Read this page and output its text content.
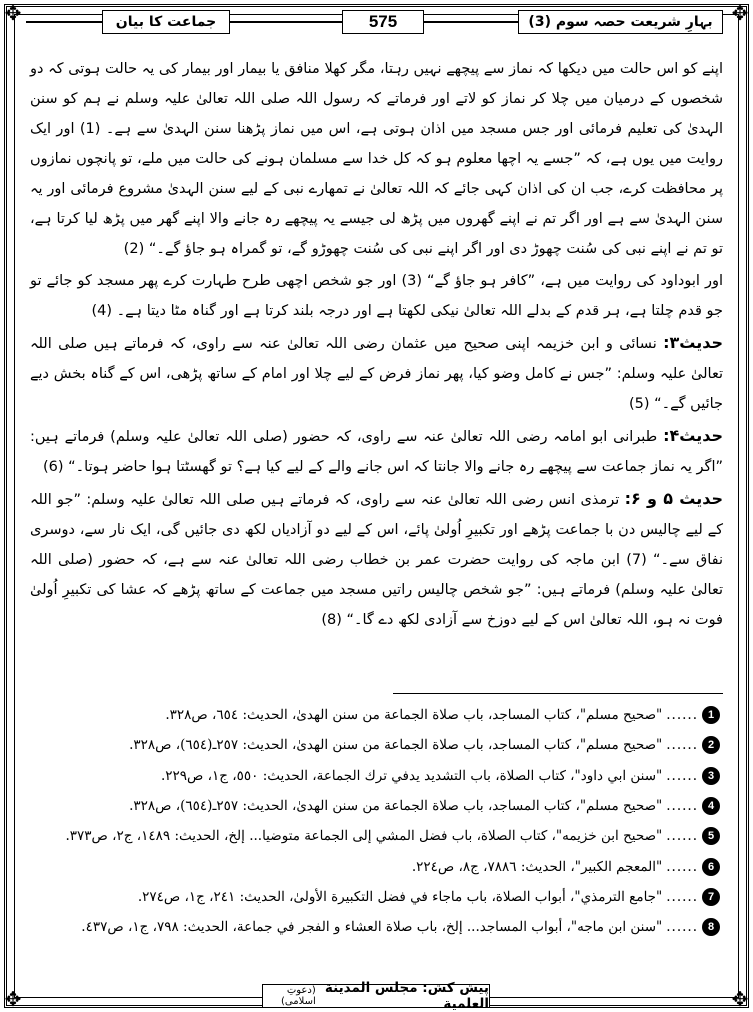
✥	✥
✥	✥
جماعت کا بیان	575	بہارِ شریعت حصہ سوم (3)

اپنے کو اس حالت میں دیکھا کہ نماز سے پیچھے نہیں رہتا، مگر کھلا منافق یا بیمار اور بیمار کی یہ حالت ہوتی کہ دو شخصوں کے درمیان میں چلا کر نماز کو لاتے اور فرماتے کہ رسول اللہ صلی اللہ تعالیٰ علیہ وسلم نے ہم کو سنن الہدیٰ کی تعلیم فرمائی اور جس مسجد میں اذان ہوتی ہے، اس میں نماز پڑھنا سنن الہدیٰ سے ہے۔ (1) اور ایک روایت میں یوں ہے، کہ ”جسے یہ اچھا معلوم ہو کہ کل خدا سے مسلمان ہونے کی حالت میں ملے، تو پانچوں نمازوں پر محافظت کرے، جب ان کی اذان کہی جائے کہ اللہ تعالیٰ نے تمھارے نبی کے لیے سنن الہدیٰ مشروع فرمائی اور یہ سنن الہدیٰ سے ہے اور اگر تم نے اپنے گھروں میں پڑھ لی جیسے یہ پیچھے رہ جانے والا اپنے گھر میں پڑھ لیا کرتا ہے، تو تم نے اپنے نبی کی سُنت چھوڑ دی اور اگر اپنے نبی کی سُنت چھوڑو گے، تو گمراہ ہو جاؤ گے۔“ (2)

اور ابوداود کی روایت میں ہے، ”کافر ہو جاؤ گے“ (3) اور جو شخص اچھی طرح طہارت کرے پھر مسجد کو جائے تو جو قدم چلتا ہے، ہر قدم کے بدلے اللہ تعالیٰ نیکی لکھتا ہے اور درجہ بلند کرتا ہے اور گناہ مٹا دیتا ہے۔ (4)

حدیث۳: نسائی و ابن خزیمہ اپنی صحیح میں عثمان رضی اللہ تعالیٰ عنہ سے راوی، کہ فرماتے ہیں صلی اللہ تعالیٰ علیہ وسلم: ”جس نے کامل وضو کیا، پھر نماز فرض کے لیے چلا اور امام کے ساتھ پڑھی، اس کے گناہ بخش دیے جائیں گے۔“ (5)

حدیث۴: طبرانی ابو امامہ رضی اللہ تعالیٰ عنہ سے راوی، کہ حضور (صلی اللہ تعالیٰ علیہ وسلم) فرماتے ہیں: ”اگر یہ نماز جماعت سے پیچھے رہ جانے والا جانتا کہ اس جانے والے کے لیے کیا ہے؟ تو گھسٹتا ہوا حاضر ہوتا۔“ (6)

حدیث ۵ و ۶: ترمذی انس رضی اللہ تعالیٰ عنہ سے راوی، کہ فرماتے ہیں صلی اللہ تعالیٰ علیہ وسلم: ”جو اللہ کے لیے چالیس دن با جماعت پڑھے اور تکبیرِ اُولیٰ پائے، اس کے لیے دو آزادیاں لکھ دی جائیں گی، ایک نار سے، دوسری نفاق سے۔“ (7) ابن ماجہ کی روایت حضرت عمر بن خطاب رضی اللہ تعالیٰ عنہ سے ہے، کہ حضور (صلی اللہ تعالیٰ علیہ وسلم) فرماتے ہیں: ”جو شخص چالیس راتیں مسجد میں جماعت کے ساتھ پڑھے کہ عشا کی تکبیرِ اُولیٰ فوت نہ ہو، اللہ تعالیٰ اس کے لیے دوزخ سے آزادی لکھ دے گا۔“ (8)

1
......
"صحیح مسلم"، كتاب المساجد، باب صلاة الجماعة من سنن الهدیٰ، الحدیث: ٦٥٤، ص٣٢٨.
2
......
"صحیح مسلم"، كتاب المساجد، باب صلاة الجماعة من سنن الهدیٰ، الحدیث: ٢٥٧ـ(٦٥٤)، ص٣٢٨.
3
......
"سنن ابي داود"، كتاب الصلاة، باب التشديد يدفي ترك الجماعة، الحديث: ٥٥٠، ج١، ص٢٢٩.
4
......
"صحیح مسلم"، كتاب المساجد، باب صلاة الجماعة من سنن الهدیٰ، الحدیث: ٢٥٧ـ(٦٥٤)، ص٣٢٨.
5
......
"صحيح ابن خزيمه"، كتاب الصلاة، باب فضل المشي إلى الجماعة متوضيا... إلخ، الحديث: ١٤٨٩، ج٢، ص٣٧٣.
6
......
"المعجم الكبير"، الحديث: ٧٨٨٦، ج٨، ص٢٢٤.
7
......
"جامع الترمذي"، أبواب الصلاة، باب ماجاء في فضل التكبيرة الأولىٰ، الحديث: ٢٤١، ج١، ص٢٧٤.
8
......
"سنن ابن ماجه"، أبواب المساجد... إلخ، باب صلاة العشاء و الفجر في جماعة، الحديث: ٧٩٨، ج١، ص٤٣٧.
پیش کش: مجلس المدينة العلمية
(دعوتِ اسلامی)
